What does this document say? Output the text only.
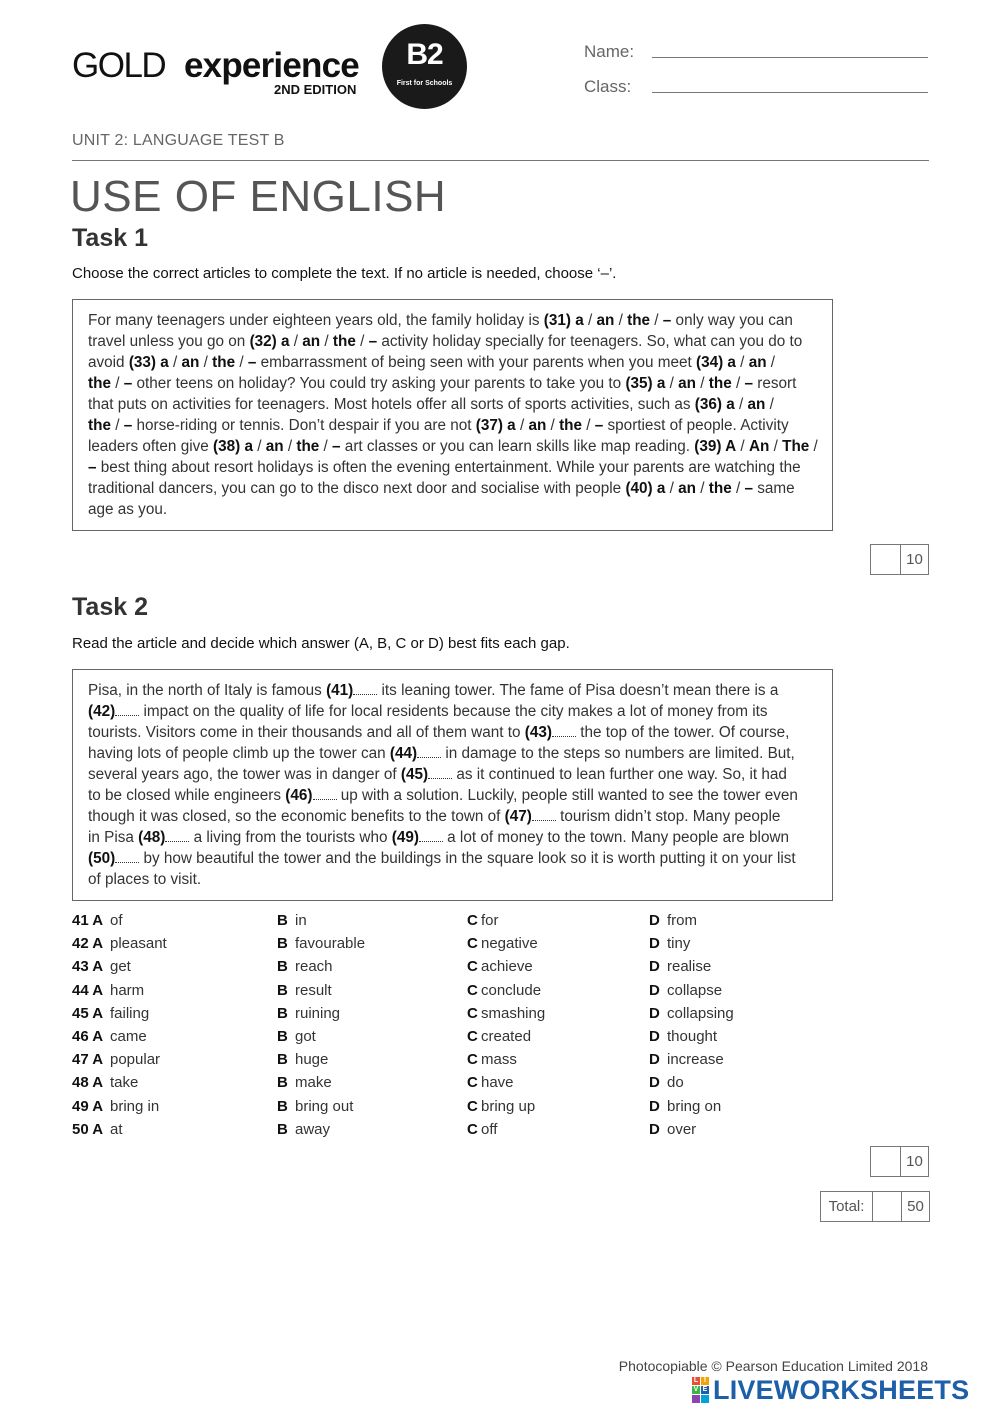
GOLD experience
2ND EDITION
B2
First for Schools
Name:
Class:
UNIT 2: LANGUAGE TEST B
USE OF ENGLISH
Task 1
Choose the correct articles to complete the text. If no article is needed, choose ‘–’.
For many teenagers under eighteen years old, the family holiday is (31) a / an / the / – only way you can
travel unless you go on (32) a / an / the / – activity holiday specially for teenagers. So, what can you do to
avoid (33) a / an / the / – embarrassment of being seen with your parents when you meet (34) a / an /
the / – other teens on holiday? You could try asking your parents to take you to (35) a / an / the / – resort
that puts on activities for teenagers. Most hotels offer all sorts of sports activities, such as (36) a / an /
the / – horse-riding or tennis. Don’t despair if you are not (37) a / an / the / – sportiest of people. Activity
leaders often give (38) a / an / the / – art classes or you can learn skills like map reading. (39) A / An / The /
– best thing about resort holidays is often the evening entertainment. While your parents are watching the
traditional dancers, you can go to the disco next door and socialise with people (40) a / an / the / – same
age as you.
10
Task 2
Read the article and decide which answer (A, B, C or D) best fits each gap.
Pisa, in the north of Italy is famous (41) its leaning tower. The fame of Pisa doesn’t mean there is a
(42) impact on the quality of life for local residents because the city makes a lot of money from its
tourists. Visitors come in their thousands and all of them want to (43) the top of the tower. Of course,
having lots of people climb up the tower can (44) in damage to the steps so numbers are limited. But,
several years ago, the tower was in danger of (45) as it continued to lean further one way. So, it had
to be closed while engineers (46) up with a solution. Luckily, people still wanted to see the tower even
though it was closed, so the economic benefits to the town of (47) tourism didn’t stop. Many people
in Pisa (48) a living from the tourists who (49) a lot of money to the town. Many people are blown
(50) by how beautiful the tower and the buildings in the square look so it is worth putting it on your list
of places to visit.
41 A of	B in	C for	D from
42 A pleasant	B favourable	C negative	D tiny
43 A get	B reach	C achieve	D realise
44 A harm	B result	C conclude	D collapse
45 A failing	B ruining	C smashing	D collapsing
46 A came	B got	C created	D thought
47 A popular	B huge	C mass	D increase
48 A take	B make	C have	D do
49 A bring in	B bring out	C bring up	D bring on
50 A at	B away	C off	D over
10
Total:	50
Photocopiable © Pearson Education Limited 2018
L I
V E LIVEWORKSHEETS
